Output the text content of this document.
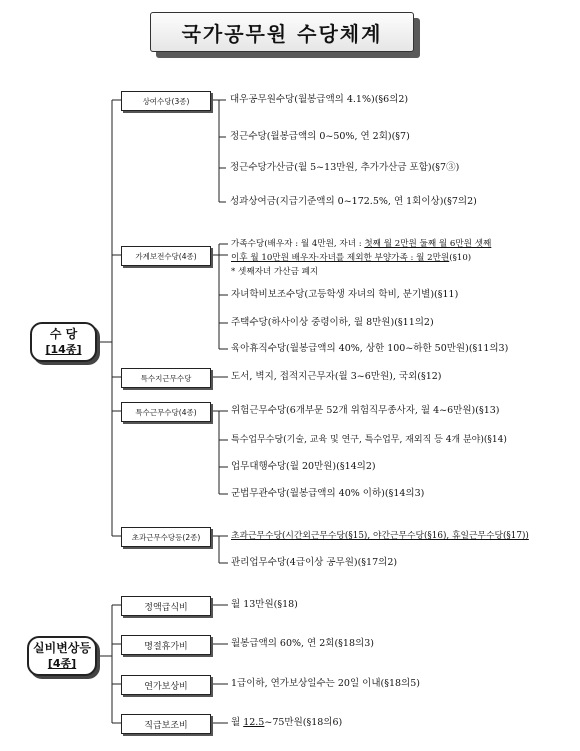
국가공무원 수당체계
수 당
[14종]
상여수당(3종)
가계보전수당(4종)
특수지근무수당
특수근무수당(4종)
초과근무수당등(2종)
대우공무원수당(월봉급액의 4.1%)(§6의2)
정근수당(월봉급액의 0~50%, 연 2회)(§7)
정근수당가산금(월 5~13만원, 추가가산금 포함)(§7③)
성과상여금(지급기준액의 0~172.5%, 연 1회이상)(§7의2)
가족수당(배우자 : 월 4만원, 자녀 : 첫째 월 2만원 둘째 월 6만원 셋째
이후 월 10만원 배우자·자녀를 제외한 부양가족 : 월 2만원(§10)
* 셋째자녀 가산금 폐지
자녀학비보조수당(고등학생 자녀의 학비, 분기별)(§11)
주택수당(하사이상 중령이하, 월 8만원)(§11의2)
육아휴직수당(월봉급액의 40%, 상한 100~하한 50만원)(§11의3)
도서, 벽지, 접적지근무자(월 3~6만원), 국외(§12)
위험근무수당(6개부문 52개 위험직무종사자, 월 4~6만원)(§13)
특수업무수당(기술, 교육 및 연구, 특수업무, 재외직 등 4개 분야)(§14)
업무대행수당(월 20만원)(§14의2)
군법무관수당(월봉급액의 40% 이하)(§14의3)
초과근무수당(시간외근무수당(§15), 야간근무수당(§16), 휴일근무수당(§17))
관리업무수당(4급이상 공무원)(§17의2)
실비변상등
[4종]
정액급식비
명절휴가비
연가보상비
직급보조비
월 13만원(§18)
월봉급액의 60%, 연 2회(§18의3)
1급이하, 연가보상일수는 20일 이내(§18의5)
월 12.5~75만원(§18의6)
